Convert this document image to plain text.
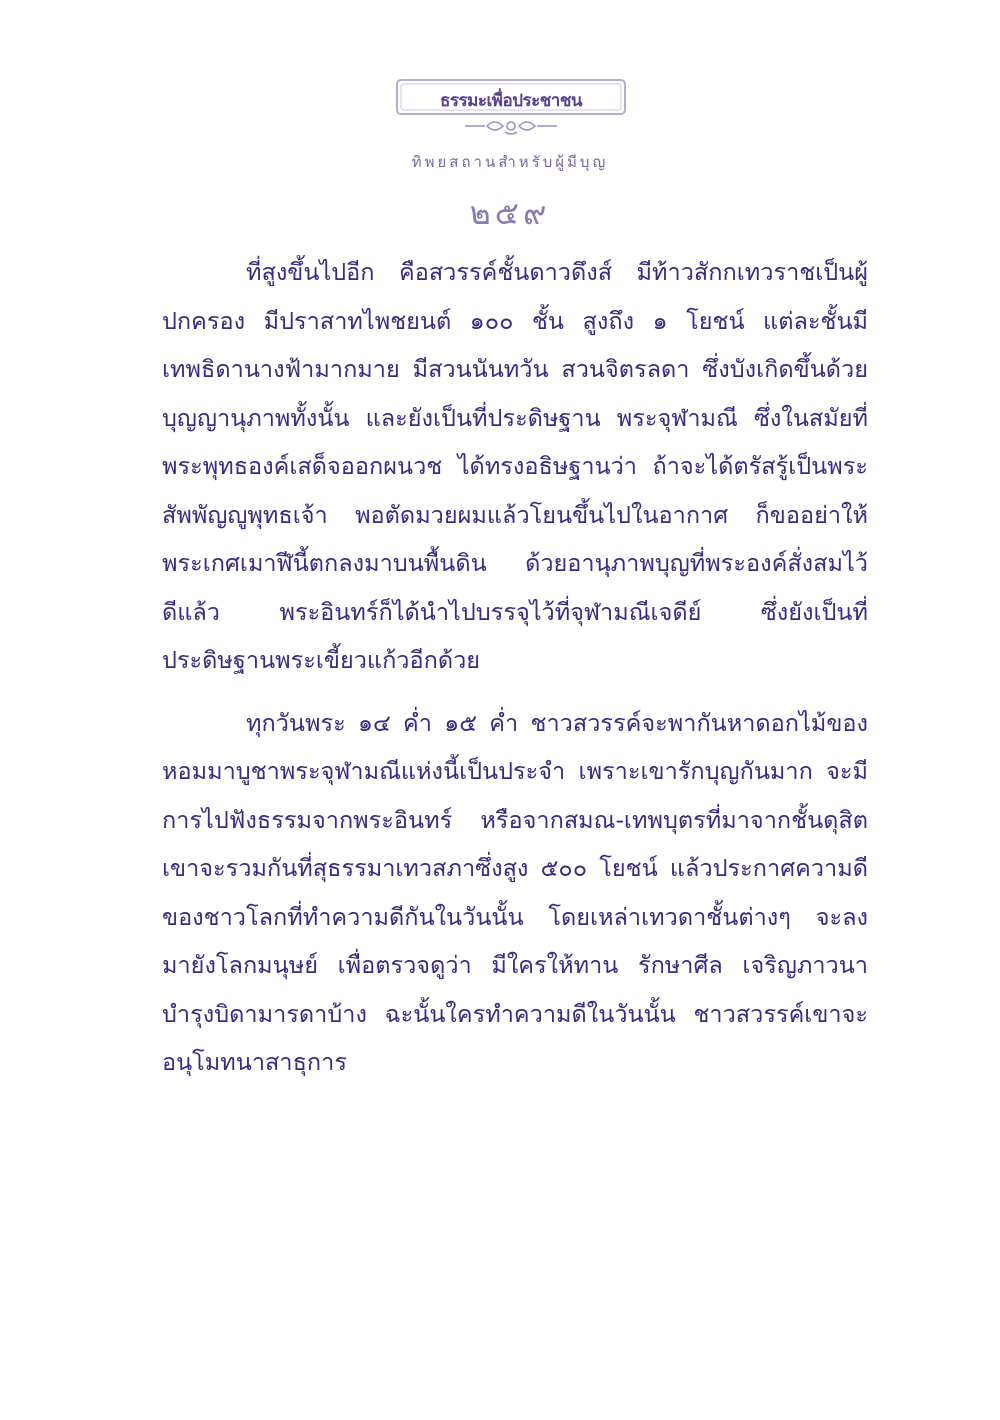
ธรรมะเพื่อประชาชน
ทิพยสถานสำหรับผู้มีบุญ
๒๕๙

ที่สูงขึ้นไปอีก คือสวรรค์ชั้นดาวดึงส์ มีท้าวสักกเทวราชเป็นผู้ปกครอง มีปราสาทไพชยนต์ ๑๐๐ ชั้น สูงถึง ๑ โยชน์ แต่ละชั้นมีเทพธิดานางฟ้ามากมาย มีสวนนันทวัน สวนจิตรลดา ซึ่งบังเกิดขึ้นด้วยบุญญานุภาพทั้งนั้น และยังเป็นที่ประดิษฐาน พระจุฬามณี ซึ่งในสมัยที่พระพุทธองค์เสด็จออกผนวช ได้ทรงอธิษฐานว่า ถ้าจะได้ตรัสรู้เป็นพระสัพพัญญูพุทธเจ้า พอตัดมวยผมแล้วโยนขึ้นไปในอากาศ ก็ขออย่าให้พระเกศเมาฬีนี้ตกลงมาบนพื้นดิน ด้วยอานุภาพบุญที่พระองค์สั่งสมไว้ดีแล้ว พระอินทร์ก็ได้นำไปบรรจุไว้ที่จุฬามณีเจดีย์ ซึ่งยังเป็นที่ประดิษฐานพระเขี้ยวแก้วอีกด้วย

ทุกวันพระ ๑๔ ค่ำ ๑๕ ค่ำ ชาวสวรรค์จะพากันหาดอกไม้ของหอมมาบูชาพระจุฬามณีแห่งนี้เป็นประจำ เพราะเขารักบุญกันมาก จะมีการไปฟังธรรมจากพระอินทร์ หรือจากสมณ-เทพบุตรที่มาจากชั้นดุสิต เขาจะรวมกันที่สุธรรมาเทวสภาซึ่งสูง ๕๐๐ โยชน์ แล้วประกาศความดีของชาวโลกที่ทำความดีกันในวันนั้น โดยเหล่าเทวดาชั้นต่างๆ จะลงมายังโลกมนุษย์ เพื่อตรวจดูว่า มีใครให้ทาน รักษาศีล เจริญภาวนา บำรุงบิดามารดาบ้าง ฉะนั้นใครทำความดีในวันนั้น ชาวสวรรค์เขาจะอนุโมทนาสาธุการ
